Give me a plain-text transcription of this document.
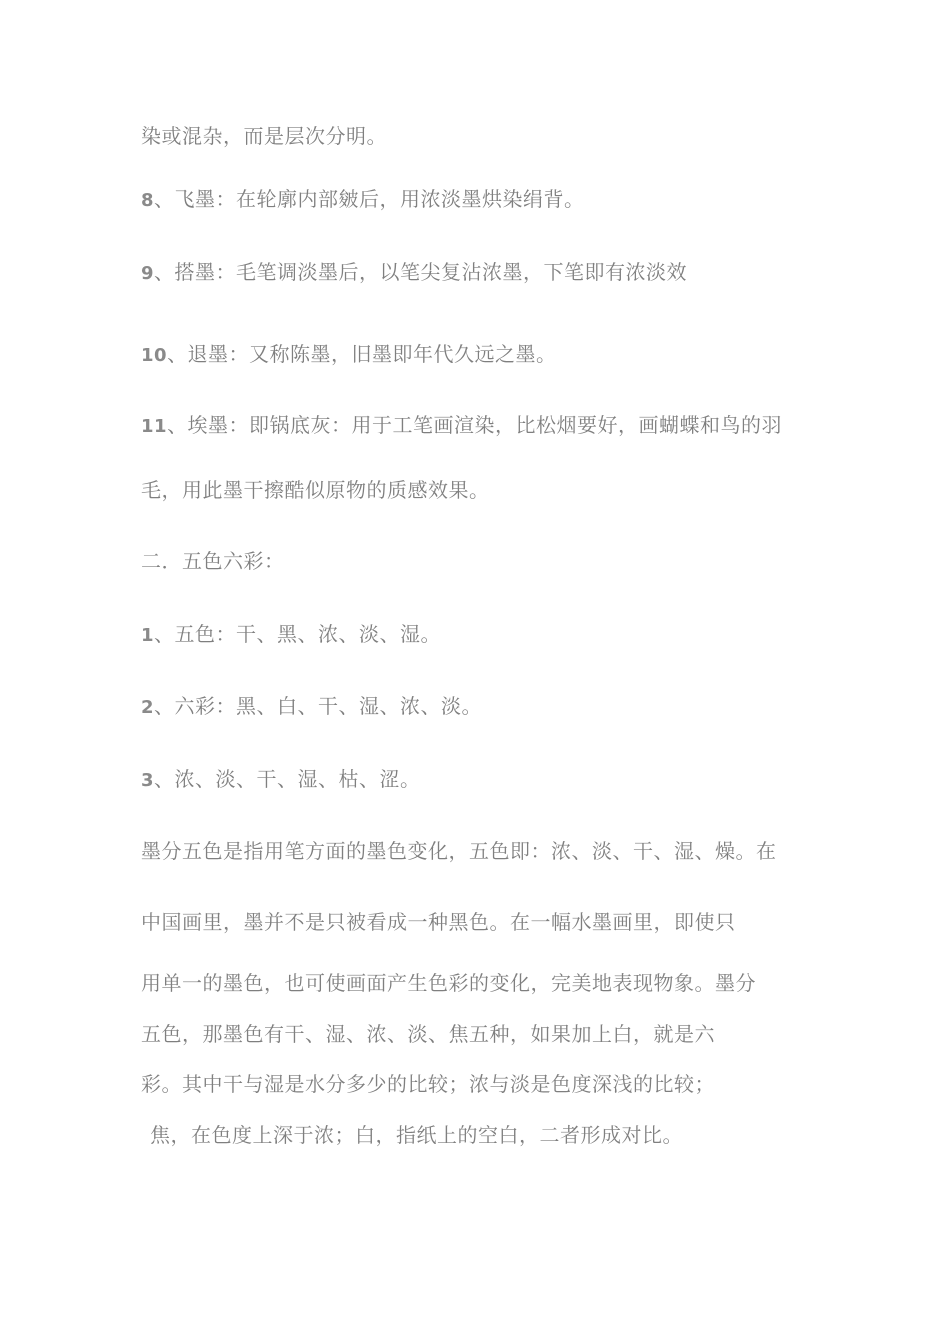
染或混杂，而是层次分明。

8、飞墨：在轮廓内部皴后，用浓淡墨烘染绢背。

9、搭墨：毛笔调淡墨后，以笔尖复沾浓墨，下笔即有浓淡效

10、退墨：又称陈墨，旧墨即年代久远之墨。

11、埃墨：即锅底灰：用于工笔画渲染，比松烟要好，画蝴蝶和鸟的羽

毛，用此墨干擦酷似原物的质感效果。

二．五色六彩：

1、五色：干、黑、浓、淡、湿。

2、六彩：黑、白、干、湿、浓、淡。

3、浓、淡、干、湿、枯、涩。

墨分五色是指用笔方面的墨色变化，五色即：浓、淡、干、湿、燥。在

中国画里，墨并不是只被看成一种黑色。在一幅水墨画里，即使只

用单一的墨色，也可使画面产生色彩的变化，完美地表现物象。墨分

五色，那墨色有干、湿、浓、淡、焦五种，如果加上白，就是六

彩。其中干与湿是水分多少的比较；浓与淡是色度深浅的比较；

焦，在色度上深于浓；白，指纸上的空白，二者形成对比。
